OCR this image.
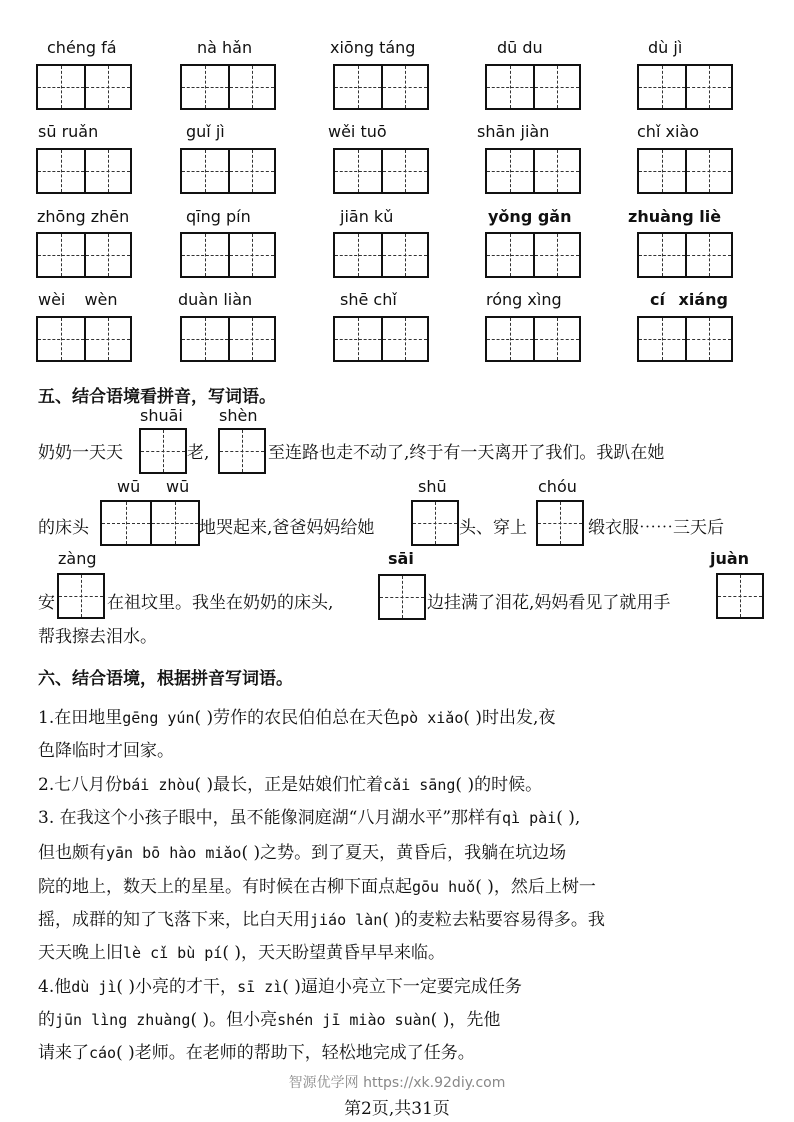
chéng fá	nà hǎn	xiōng táng	dū du	dù jì
sū ruǎn	guǐ jì	wěi tuō	shān jiàn	chǐ xiào
zhōng zhēn	qīng pín	jiān kǔ	yǒng gǎn	zhuàng liè
wèi wèn	duàn liàn	shē chǐ	róng xìng	cí xiáng
五、结合语境看拼音，写词语。
shuāi shèn
奶奶一天天	老,	至连路也走不动了,终于有一天离开了我们。我趴在她
wū wū	shū	chóu
的床头	地哭起来,爸爸妈妈给她	头、穿上	缎衣服⋯⋯三天后
zàng	sāi	juàn
安	在祖坟里。我坐在奶奶的床头,	边挂满了泪花,妈妈看见了就用手
帮我擦去泪水。
六、结合语境，根据拼音写词语。
1.在田地里gēng yún( )劳作的农民伯伯总在天色pò xiǎo( )时出发,夜
色降临时才回家。
2.七八月份bái zhòu( )最长，正是姑娘们忙着cǎi sāng( )的时候。
3. 在我这个小孩子眼中，虽不能像洞庭湖“八月湖水平”那样有qì pài( ),
但也颇有yān bō hào miǎo( )之势。到了夏天，黄昏后，我躺在坑边场
院的地上，数天上的星星。有时候在古柳下面点起gōu huǒ( )，然后上树一
摇，成群的知了飞落下来，比白天用jiáo làn( )的麦粒去粘要容易得多。我
天天晚上旧lè cǐ bù pí( )，天天盼望黄昏早早来临。
4.他dù jì( )小亮的才干，sī zì( )逼迫小亮立下一定要完成任务
的jūn lìng zhuàng( )。但小亮shén jī miào suàn( )，先他
请来了cáo( )老师。在老师的帮助下，轻松地完成了任务。
智源优学网 https://xk.92diy.com
第2页,共31页
